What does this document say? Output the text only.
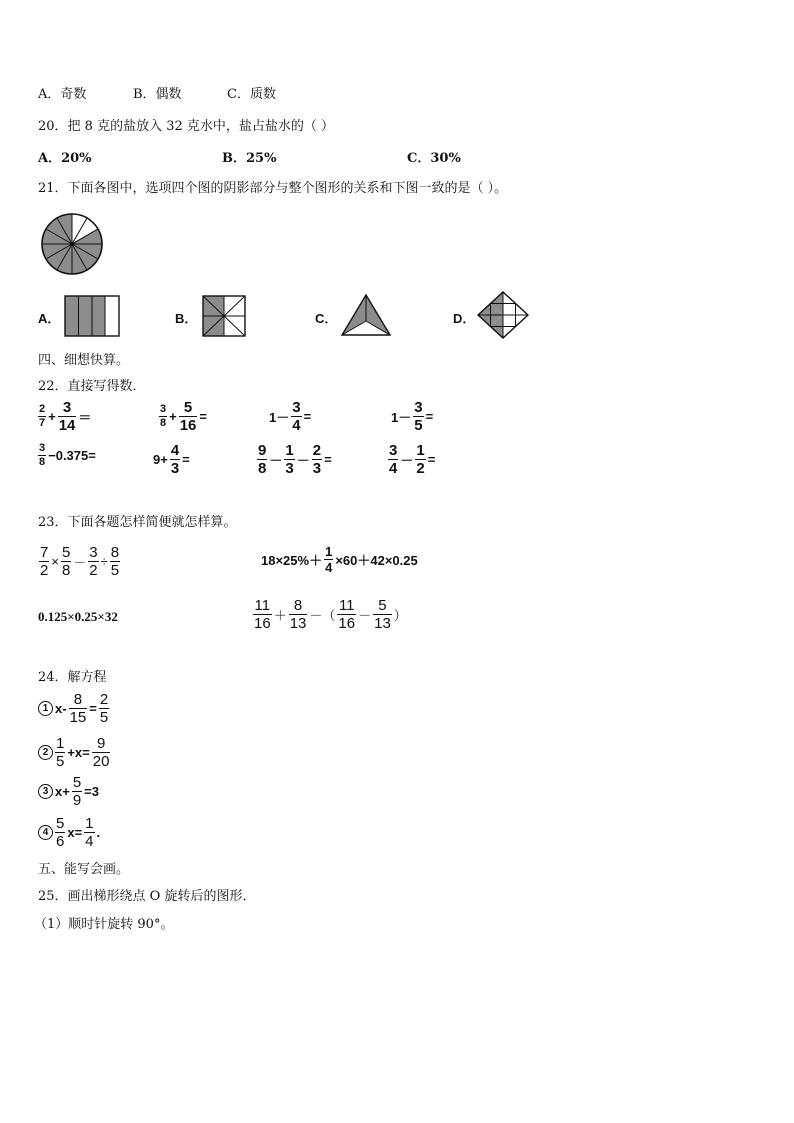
A．奇数	B．偶数	C．质数
20．把 8 克的盐放入 32 克水中，盐占盐水的（ ）
A．20%	B．25%	C．30%
21．下面各图中，选项四个图的阴影部分与整个图形的关系和下图一致的是（ ）。
A．	B．	C．	D．
四、细想快算。
22．直接写得数．
$\frac{2}{7} + \frac{3}{14}$ ＝	$\frac{3}{8} + \frac{5}{16}$ =	$1- \frac{3}{4}$ =	$1- \frac{3}{5}$ =
$\frac{3}{8} -0.375=$	$9+ \frac{4}{3}$ =	$\frac{9}{8} - \frac{1}{3} - \frac{2}{3}$ =	$\frac{3}{4} - \frac{1}{2}$ =
23．下面各题怎样简便就怎样算。
$\frac{7}{2} \times \frac{5}{8} - \frac{3}{2} \div \frac{8}{5}$	$18\times 25\%+ \frac{1}{4} \times 60+42\times 0.25$
0.125×0.25×32	$\frac{11}{16} + \frac{8}{13}$ －（ $\frac{11}{16} - \frac{5}{13}$ ）
24．解方程
1 $x- \frac{8}{15} = \frac{2}{5}$
$2 \frac{1}{5} +x= \frac{9}{20}$
3 $x+ \frac{5}{9} =3$
$4 \frac{5}{6} x= \frac{1}{4}$ .
五、能写会画。
25．画出梯形绕点 O 旋转后的图形．
（1）顺时针旋转 90°。
